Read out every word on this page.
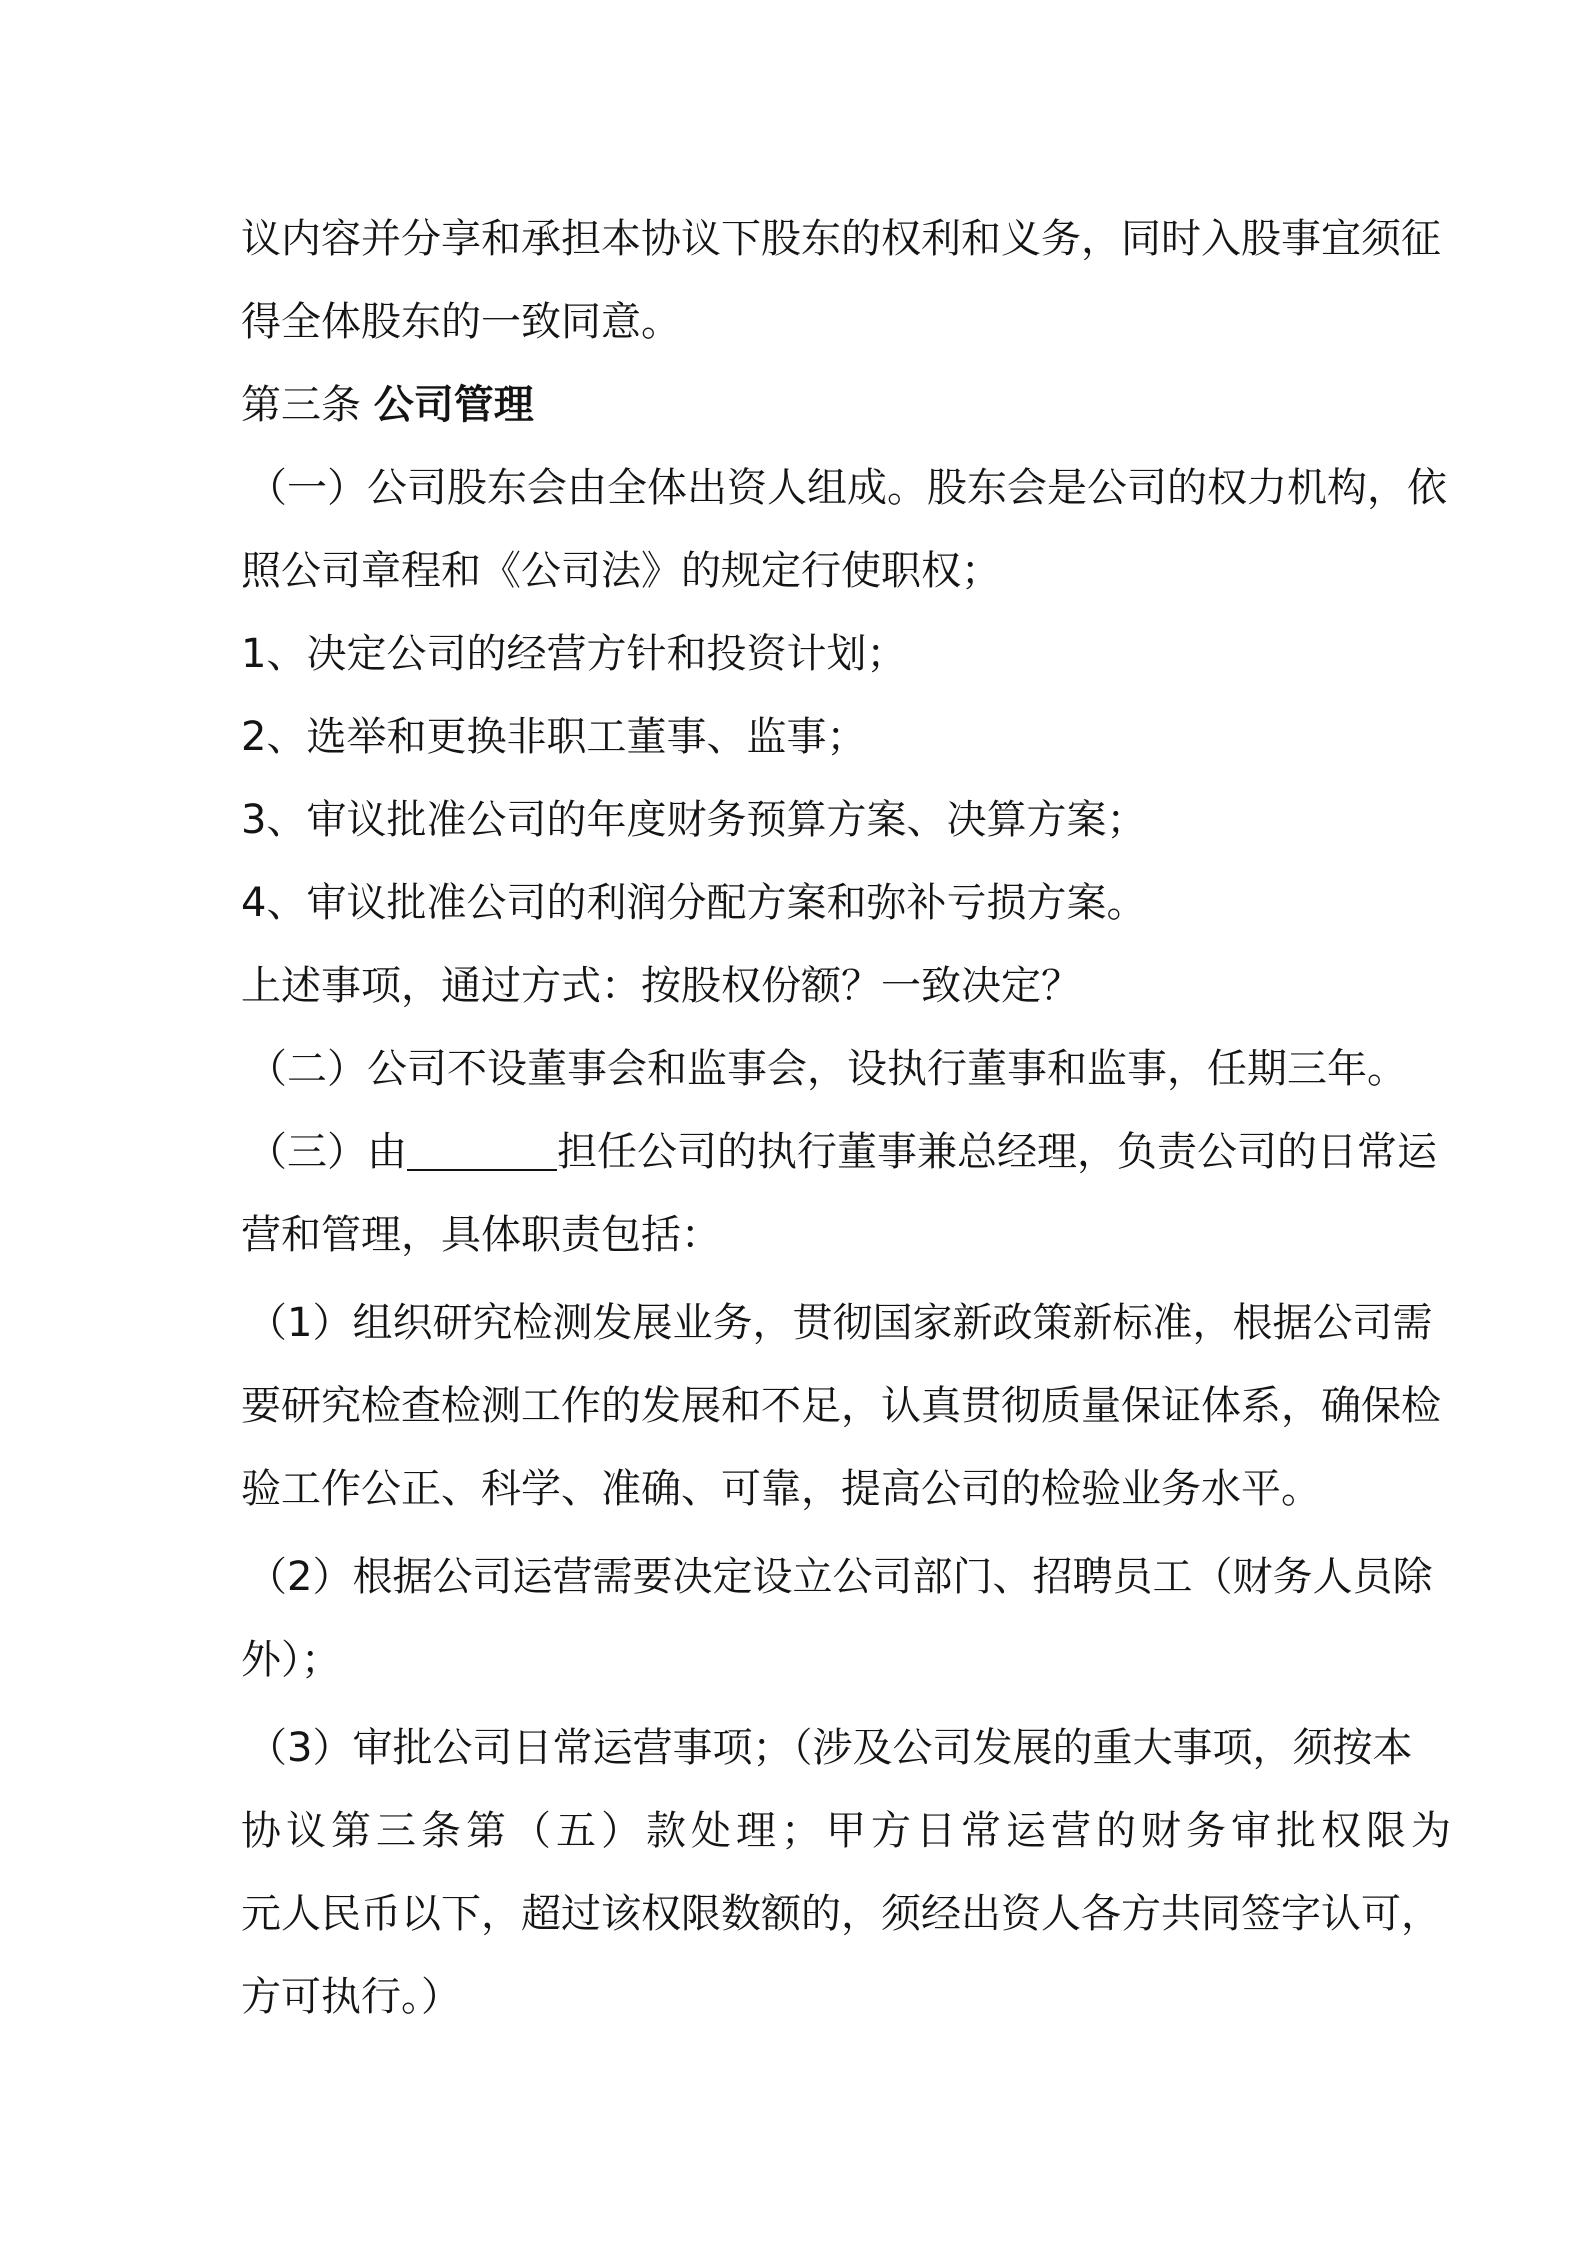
议内容并分享和承担本协议下股东的权利和义务，同时入股事宜须征
得全体股东的一致同意。
第三条 公司管理
（一）公司股东会由全体出资人组成。股东会是公司的权力机构，依
照公司章程和《公司法》的规定行使职权；
1、决定公司的经营方针和投资计划；
2、选举和更换非职工董事、监事；
3、审议批准公司的年度财务预算方案、决算方案；
4、审议批准公司的利润分配方案和弥补亏损方案。
上述事项，通过方式：按股权份额？一致决定？
（二）公司不设董事会和监事会，设执行董事和监事，任期三年。
（三）由	担任公司的执行董事兼总经理，负责公司的日常运
营和管理，具体职责包括：
（1）组织研究检测发展业务，贯彻国家新政策新标准，根据公司需
要研究检查检测工作的发展和不足，认真贯彻质量保证体系，确保检
验工作公正、科学、准确、可靠，提高公司的检验业务水平。
（2）根据公司运营需要决定设立公司部门、招聘员工（财务人员除
外）；
（3）审批公司日常运营事项；（涉及公司发展的重大事项，须按本
协议第三条第（五）款处理；甲方日常运营的财务审批权限为
元人民币以下，超过该权限数额的，须经出资人各方共同签字认可，
方可执行。）
